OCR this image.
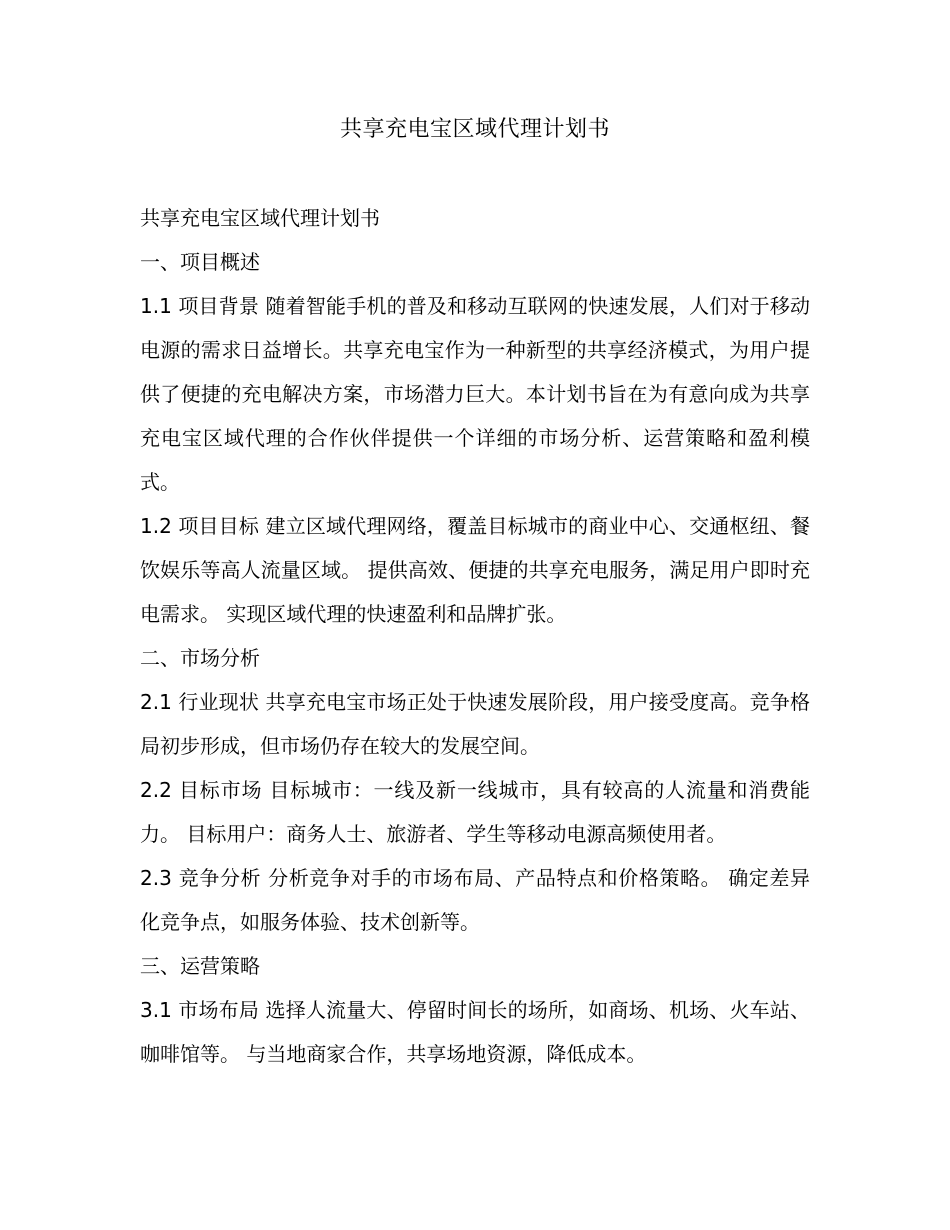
共享充电宝区域代理计划书

共享充电宝区域代理计划书

一、项目概述

1.1 项目背景 随着智能手机的普及和移动互联网的快速发展，人们对于移动电源的需求日益增长。共享充电宝作为一种新型的共享经济模式，为用户提供了便捷的充电解决方案，市场潜力巨大。本计划书旨在为有意向成为共享充电宝区域代理的合作伙伴提供一个详细的市场分析、运营策略和盈利模式。

1.2 项目目标 建立区域代理网络，覆盖目标城市的商业中心、交通枢纽、餐饮娱乐等高人流量区域。 提供高效、便捷的共享充电服务，满足用户即时充电需求。 实现区域代理的快速盈利和品牌扩张。

二、市场分析

2.1 行业现状 共享充电宝市场正处于快速发展阶段，用户接受度高。竞争格局初步形成，但市场仍存在较大的发展空间。

2.2 目标市场 目标城市：一线及新一线城市，具有较高的人流量和消费能力。 目标用户：商务人士、旅游者、学生等移动电源高频使用者。

2.3 竞争分析 分析竞争对手的市场布局、产品特点和价格策略。 确定差异化竞争点，如服务体验、技术创新等。

三、运营策略

3.1 市场布局 选择人流量大、停留时间长的场所，如商场、机场、火车站、咖啡馆等。 与当地商家合作，共享场地资源，降低成本。
